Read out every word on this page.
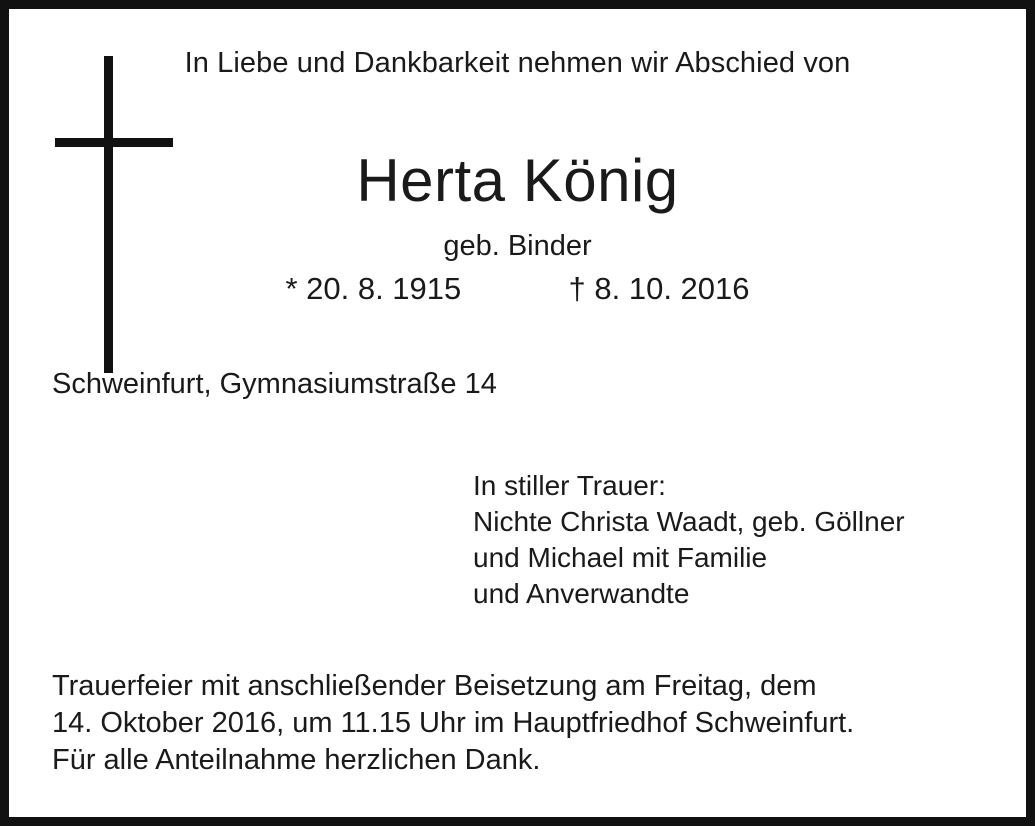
In Liebe und Dankbarkeit nehmen wir Abschied von
Herta König
geb. Binder
* 20. 8. 1915	† 8. 10. 2016
Schweinfurt, Gymnasiumstraße 14
In stiller Trauer:
Nichte Christa Waadt, geb. Göllner
und Michael mit Familie
und Anverwandte
Trauerfeier mit anschließender Beisetzung am Freitag, dem
14. Oktober 2016, um 11.15 Uhr im Hauptfriedhof Schweinfurt.
Für alle Anteilnahme herzlichen Dank.
